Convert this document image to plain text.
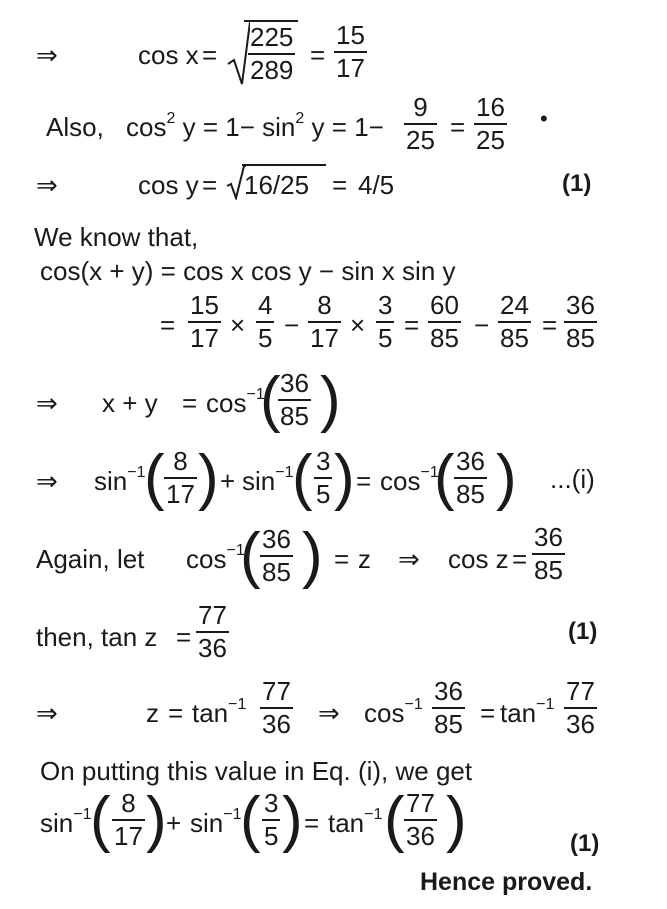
⇒	$\cos x = \frac{225}{289} = \frac{15}{17}$
Also, $\cos^2 y = 1- \sin^2 y = 1- \frac{9}{25} = \frac{16}{25}$ •
⇒	cos y = 16/25 = 4/5	(1)
We know that,
cos(x + y) = cos x cos y − sin x sin y
= $\frac{15}{17} \times \frac{4}{5} - \frac{8}{17} \times \frac{3}{5} = \frac{60}{85} - \frac{24}{85} = \frac{36}{85}$
⇒ $x + y = \cos^{-1}$
(
$\frac{36}{85}$ )
⇒ $\sin^{-1}$
( $\frac{8}{17}$ ) + $\sin^{-1}$
( $\frac{3}{5}$ ) = $\cos^{-1}$
( $\frac{36}{85}$ ) ...(i)
Again, let $\cos^{-1}$
( $\frac{36}{85}$ ) = z ⇒ $\cos z = \frac{36}{85}$
then, $\tan z = \frac{77}{36}$	(1)
⇒	$z = \tan^{-1} \frac{77}{36}$ ⇒ $\cos^{-1} \frac{36}{85} = \tan^{-1} \frac{77}{36}$
On putting this value in Eq. (i), we get
$\sin^{-1}$
( $\frac{8}{17}$ ) + $\sin^{-1}$
( $\frac{3}{5}$ ) = $\tan^{-1}$ ( $\frac{77}{36}$ )	(1)
Hence proved.
